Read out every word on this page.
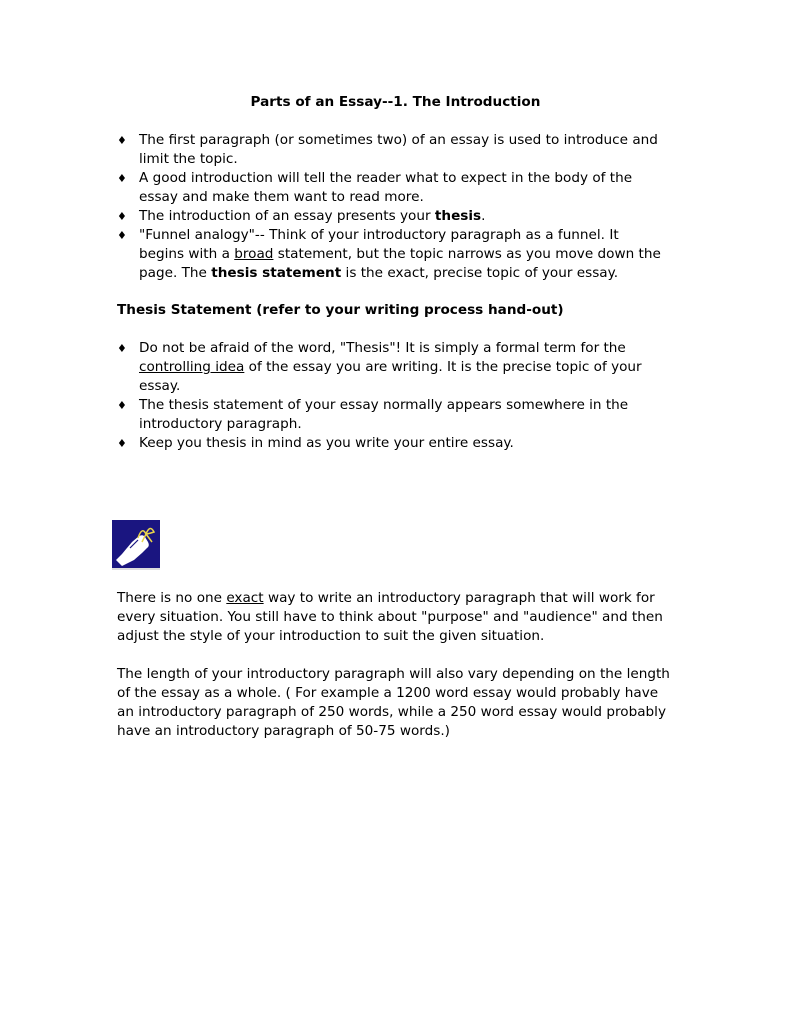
Parts of an Essay--1. The Introduction
♦ The first paragraph (or sometimes two) of an essay is used to introduce and
limit the topic.
♦ A good introduction will tell the reader what to expect in the body of the
essay and make them want to read more.
♦ The introduction of an essay presents your thesis.
♦ "Funnel analogy"-- Think of your introductory paragraph as a funnel. It
begins with a broad statement, but the topic narrows as you move down the
page. The thesis statement is the exact, precise topic of your essay.
Thesis Statement (refer to your writing process hand-out)
♦ Do not be afraid of the word, "Thesis"! It is simply a formal term for the
controlling idea of the essay you are writing. It is the precise topic of your
essay.
♦ The thesis statement of your essay normally appears somewhere in the
introductory paragraph.
♦ Keep you thesis in mind as you write your entire essay.

There is no one exact way to write an introductory paragraph that will work for
every situation. You still have to think about "purpose" and "audience" and then
adjust the style of your introduction to suit the given situation.

The length of your introductory paragraph will also vary depending on the length
of the essay as a whole. ( For example a 1200 word essay would probably have
an introductory paragraph of 250 words, while a 250 word essay would probably
have an introductory paragraph of 50-75 words.)
